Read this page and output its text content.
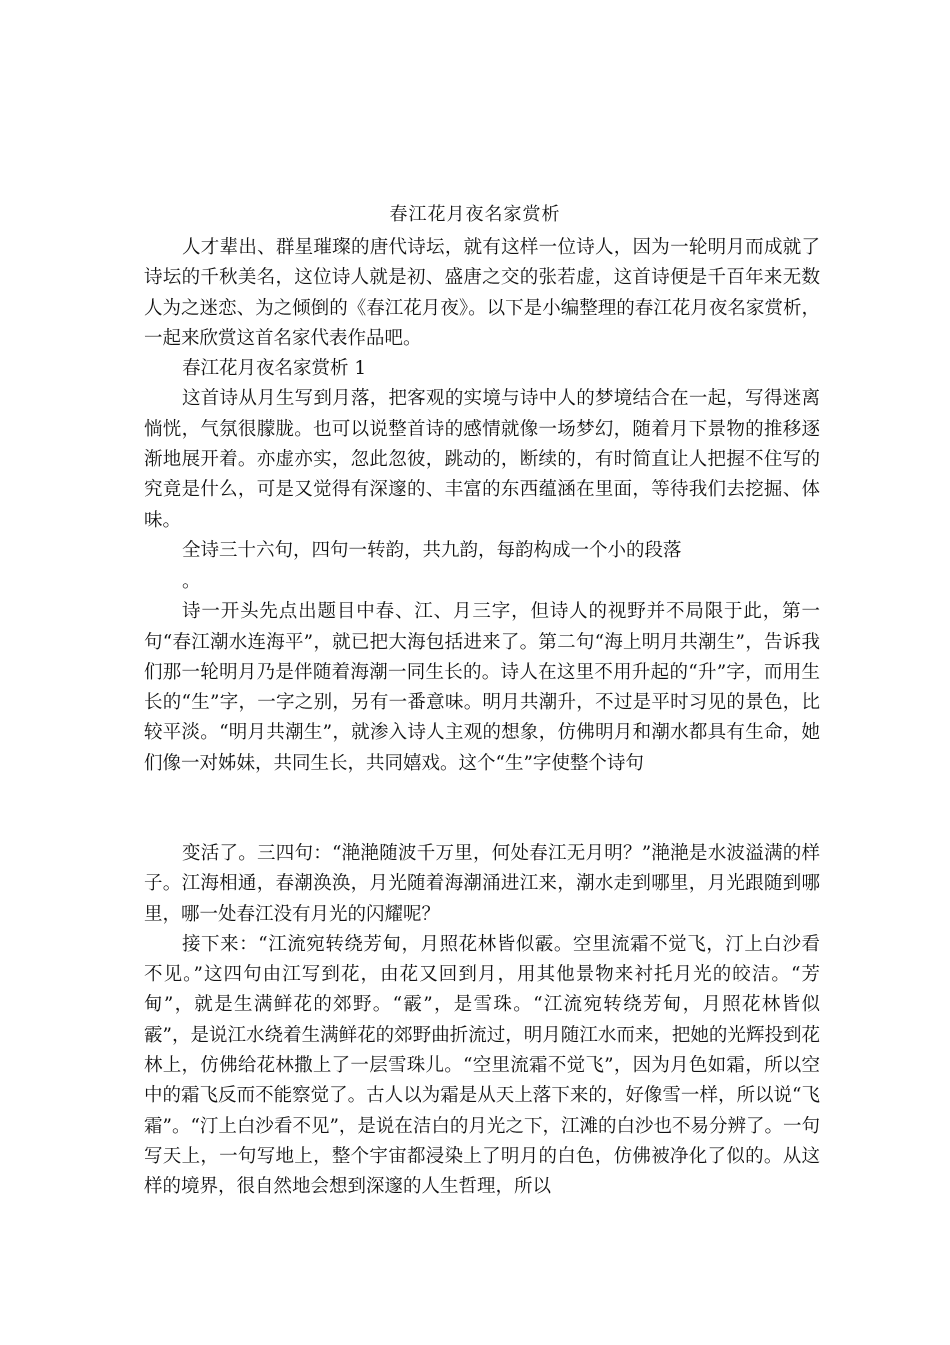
春江花月夜名家赏析

人才辈出、群星璀璨的唐代诗坛，就有这样一位诗人，因为一轮明月而成就了诗坛的千秋美名，这位诗人就是初、盛唐之交的张若虚，这首诗便是千百年来无数人为之迷恋、为之倾倒的《春江花月夜》。以下是小编整理的春江花月夜名家赏析，一起来欣赏这首名家代表作品吧。

春江花月夜名家赏析 1

这首诗从月生写到月落，把客观的实境与诗中人的梦境结合在一起，写得迷离惝恍，气氛很朦胧。也可以说整首诗的感情就像一场梦幻，随着月下景物的推移逐渐地展开着。亦虚亦实，忽此忽彼，跳动的，断续的，有时简直让人把握不住写的究竟是什么，可是又觉得有深邃的、丰富的东西蕴涵在里面，等待我们去挖掘、体味。

全诗三十六句，四句一转韵，共九韵，每韵构成一个小的段落

。

诗一开头先点出题目中春、江、月三字，但诗人的视野并不局限于此，第一句“春江潮水连海平”，就已把大海包括进来了。第二句“海上明月共潮生”，告诉我们那一轮明月乃是伴随着海潮一同生长的。诗人在这里不用升起的“升”字，而用生长的“生”字，一字之别，另有一番意味。明月共潮升，不过是平时习见的景色，比较平淡。“明月共潮生”，就渗入诗人主观的想象，仿佛明月和潮水都具有生命，她们像一对姊妹，共同生长，共同嬉戏。这个“生”字使整个诗句

变活了。三四句：“滟滟随波千万里，何处春江无月明？”滟滟是水波溢满的样子。江海相通，春潮涣涣，月光随着海潮涌进江来，潮水走到哪里，月光跟随到哪里，哪一处春江没有月光的闪耀呢？

接下来：“江流宛转绕芳甸，月照花林皆似霰。空里流霜不觉飞，汀上白沙看不见。”这四句由江写到花，由花又回到月，用其他景物来衬托月光的皎洁。“芳甸”，就是生满鲜花的郊野。“霰”，是雪珠。“江流宛转绕芳甸，月照花林皆似霰”，是说江水绕着生满鲜花的郊野曲折流过，明月随江水而来，把她的光辉投到花林上，仿佛给花林撒上了一层雪珠儿。“空里流霜不觉飞”，因为月色如霜，所以空中的霜飞反而不能察觉了。古人以为霜是从天上落下来的，好像雪一样，所以说“飞霜”。“汀上白沙看不见”，是说在洁白的月光之下，江滩的白沙也不易分辨了。一句写天上，一句写地上，整个宇宙都浸染上了明月的白色，仿佛被净化了似的。从这样的境界，很自然地会想到深邃的人生哲理，所以
